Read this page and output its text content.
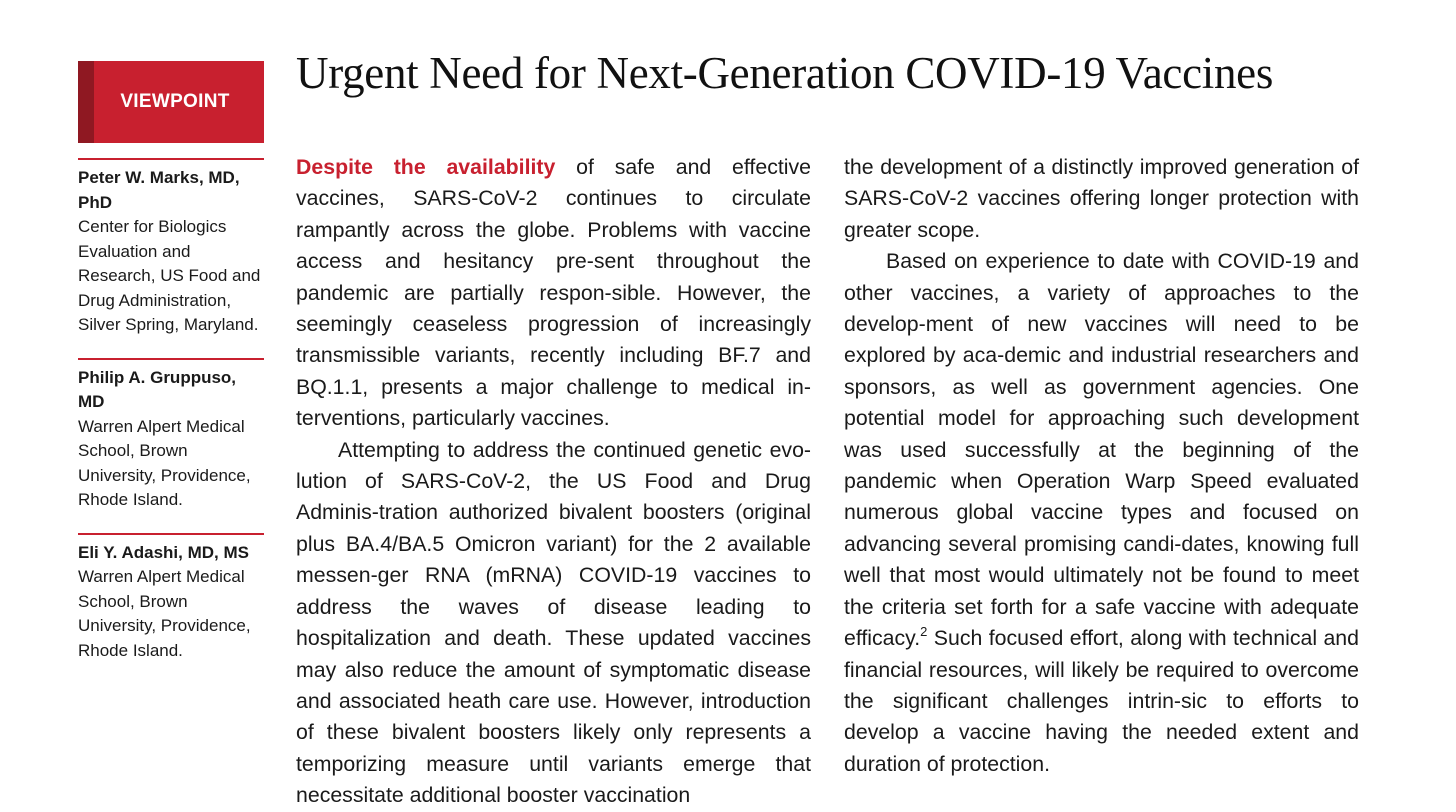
VIEWPOINT
Urgent Need for Next-Generation COVID-19 Vaccines
Peter W. Marks, MD, PhD
Center for Biologics Evaluation and Research, US Food and Drug Administration, Silver Spring, Maryland.
Philip A. Gruppuso, MD
Warren Alpert Medical School, Brown University, Providence, Rhode Island.
Eli Y. Adashi, MD, MS
Warren Alpert Medical School, Brown University, Providence, Rhode Island.

Despite the availability of safe and effective vaccines, SARS-CoV-2 continues to circulate rampantly across the globe. Problems with vaccine access and hesitancy pre-sent throughout the pandemic are partially respon-sible. However, the seemingly ceaseless progression of increasingly transmissible variants, recently including BF.7 and BQ.1.1, presents a major challenge to medical in-terventions, particularly vaccines.

Attempting to address the continued genetic evo-lution of SARS-CoV-2, the US Food and Drug Adminis-tration authorized bivalent boosters (original plus BA.4/BA.5 Omicron variant) for the 2 available messen-ger RNA (mRNA) COVID-19 vaccines to address the waves of disease leading to hospitalization and death. These updated vaccines may also reduce the amount of symptomatic disease and associated heath care use. However, introduction of these bivalent boosters likely only represents a temporizing measure until variants emerge that necessitate additional booster vaccination

the development of a distinctly improved generation of SARS-CoV-2 vaccines offering longer protection with greater scope.

Based on experience to date with COVID-19 and other vaccines, a variety of approaches to the develop-ment of new vaccines will need to be explored by aca-demic and industrial researchers and sponsors, as well as government agencies. One potential model for approaching such development was used successfully at the beginning of the pandemic when Operation Warp Speed evaluated numerous global vaccine types and focused on advancing several promising candi-dates, knowing full well that most would ultimately not be found to meet the criteria set forth for a safe vaccine with adequate efficacy.$^2$ Such focused effort, along with technical and financial resources, will likely be required to overcome the significant challenges intrin-sic to efforts to develop a vaccine having the needed extent and duration of protection.
